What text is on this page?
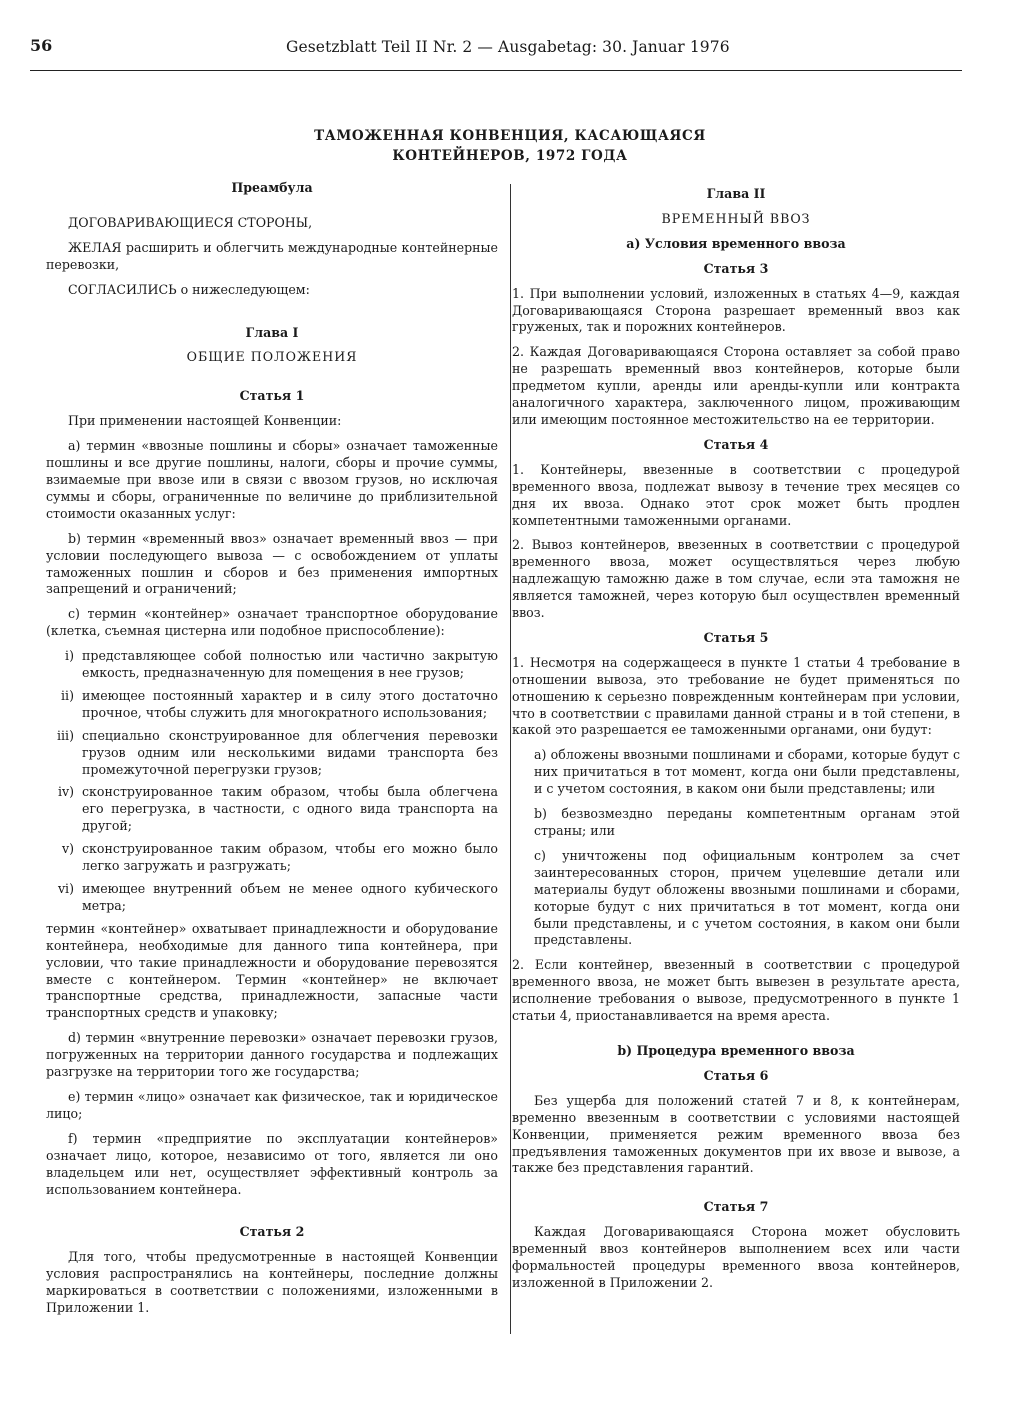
56	Gesetzblatt Teil II Nr. 2 — Ausgabetag: 30. Januar 1976
ТАМОЖЕННАЯ КОНВЕНЦИЯ, КАСАЮЩАЯСЯ
КОНТЕЙНЕРОВ, 1972 ГОДА

Преамбула

ДОГОВАРИВАЮЩИЕСЯ СТОРОНЫ,

ЖЕЛАЯ расширить и облегчить международные контейнерные перевозки,

СОГЛАСИЛИСЬ о нижеследующем:

Глава I

ОБЩИЕ ПОЛОЖЕНИЯ

Статья 1

При применении настоящей Конвенции:

a) термин «ввозные пошлины и сборы» означает таможенные пошлины и все другие пошлины, налоги, сборы и прочие суммы, взимаемые при ввозе или в связи с ввозом грузов, но исключая суммы и сборы, ограниченные по величине до приблизительной стоимости оказанных услуг:

b) термин «временный ввоз» означает временный ввоз — при условии последующего вывоза — с освобождением от уплаты таможенных пошлин и сборов и без применения импортных запрещений и ограничений;

c) термин «контейнер» означает транспортное оборудование (клетка, съемная цистерна или подобное приспособление):

i) представляющее собой полностью или частично закрытую емкость, предназначенную для помещения в нее грузов;
ii) имеющее постоянный характер и в силу этого достаточно прочное, чтобы служить для многократного использования;
iii) специально сконструированное для облегчения перевозки грузов одним или несколькими видами транспорта без промежуточной перегрузки грузов;
iv) сконструированное таким образом, чтобы была облегчена его перегрузка, в частности, с одного вида транспорта на другой;
v) сконструированное таким образом, чтобы его можно было легко загружать и разгружать;
vi) имеющее внутренний объем не менее одного кубического метра;

термин «контейнер» охватывает принадлежности и оборудование контейнера, необходимые для данного типа контейнера, при условии, что такие принадлежности и оборудование перевозятся вместе с контейнером. Термин «контейнер» не включает транспортные средства, принадлежности, запасные части транспортных средств и упаковку;

d) термин «внутренние перевозки» означает перевозки грузов, погруженных на территории данного государства и подлежащих разгрузке на территории того же государства;

e) термин «лицо» означает как физическое, так и юридическое лицо;

f) термин «предприятие по эксплуатации контейнеров» означает лицо, которое, независимо от того, является ли оно владельцем или нет, осуществляет эффективный контроль за использованием контейнера.

Статья 2

Для того, чтобы предусмотренные в настоящей Конвенции условия распространялись на контейнеры, последние должны маркироваться в соответствии с положениями, изложенными в Приложении 1.

Глава II

ВРЕМЕННЫЙ ВВОЗ

a) Условия временного ввоза

Статья 3

1. При выполнении условий, изложенных в статьях 4—9, каждая Договаривающаяся Сторона разрешает временный ввоз как груженых, так и порожних контейнеров.

2. Каждая Договаривающаяся Сторона оставляет за собой право не разрешать временный ввоз контейнеров, которые были предметом купли, аренды или аренды-купли или контракта аналогичного характера, заключенного лицом, проживающим или имеющим постоянное местожительство на ее территории.

Статья 4

1. Контейнеры, ввезенные в соответствии с процедурой временного ввоза, подлежат вывозу в течение трех месяцев со дня их ввоза. Однако этот срок может быть продлен компетентными таможенными органами.

2. Вывоз контейнеров, ввезенных в соответствии с процедурой временного ввоза, может осуществляться через любую надлежащую таможню даже в том случае, если эта таможня не является таможней, через которую был осуществлен временный ввоз.

Статья 5

1. Несмотря на содержащееся в пункте 1 статьи 4 требование в отношении вывоза, это требование не будет применяться по отношению к серьезно поврежденным контейнерам при условии, что в соответствии с правилами данной страны и в той степени, в какой это разрешается ее таможенными органами, они будут:

a) обложены ввозными пошлинами и сборами, которые будут с них причитаться в тот момент, когда они были представлены, и с учетом состояния, в каком они были представлены; или

b) безвозмездно переданы компетентным органам этой страны; или

c) уничтожены под официальным контролем за счет заинтересованных сторон, причем уцелевшие детали или материалы будут обложены ввозными пошлинами и сборами, которые будут с них причитаться в тот момент, когда они были представлены, и с учетом состояния, в каком они были представлены.

2. Если контейнер, ввезенный в соответствии с процедурой временного ввоза, не может быть вывезен в результате ареста, исполнение требования о вывозе, предусмотренного в пункте 1 статьи 4, приостанавливается на время ареста.

b) Процедура временного ввоза

Статья 6

Без ущерба для положений статей 7 и 8, к контейнерам, временно ввезенным в соответствии с условиями настоящей Конвенции, применяется режим временного ввоза без предъявления таможенных документов при их ввозе и вывозе, а также без представления гарантий.

Статья 7

Каждая Договаривающаяся Сторона может обусловить временный ввоз контейнеров выполнением всех или части формальностей процедуры временного ввоза контейнеров, изложенной в Приложении 2.
